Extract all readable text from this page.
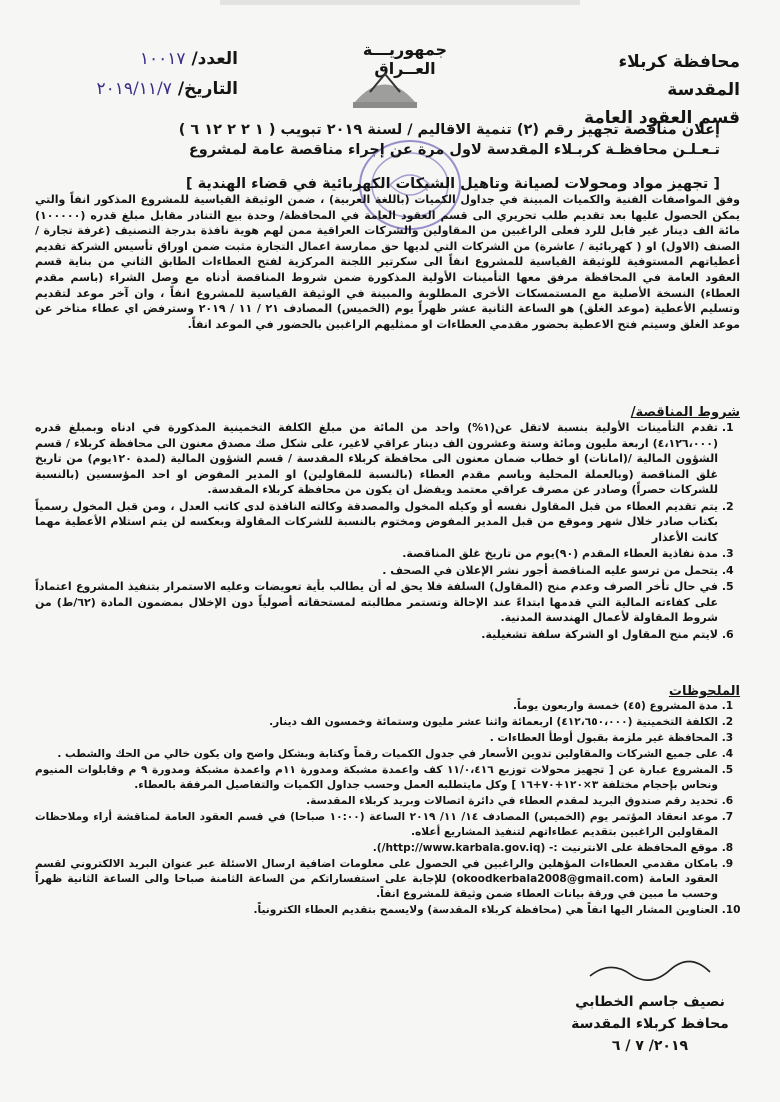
محافظة كربلاء المقدسة
قسم العقود العامة
جمهوريـــة العــراق
العدد/ ١٠٠١٧
التاريخ/ ٢٠١٩/١١/٧
إعلان مناقصة تجهيز رقم (٢) تنمية الاقاليم / لسنة ٢٠١٩ تبويب ( ١ ٢ ٢ ١٢ ٦ )
تـعـلـن محافظـة كربـلاء المقدسة لاول مرة عن إجراء مناقصة عامة لمشروع
[ تجهيز مواد ومحولات لصيانة وتاهيل الشبكات الكهربائية في قضاء الهندية ]
وفق المواصفات الفنية والكميات المبينة في جداول الكميات (باللغة العربية) ، ضمن الوثيقة القياسية للمشروع المذكور انفاً والتي يمكن الحصول عليها بعد تقديم طلب تحريري الى قسم العقود العامة في المحافظة/ وحدة بيع التنادر مقابل مبلغ قدره (١٠٠٠٠٠) مائة الف دينار غير قابل للرد فعلى الراغبين من المقاولين والشركات العراقية ممن لهم هوية نافذة بدرجة التصنيف (غرفة تجارة / الصنف (الاول) او ( كهربائية / عاشرة) من الشركات التي لديها حق ممارسة اعمال التجارة مثبت ضمن اوراق تأسيس الشركة تقديم أعطياتهم المستوفية للوثيقة القياسية للمشروع انفاً الى سكرتير اللجنة المركزية لفتح العطاءات الطابق الثاني من بناية قسم العقود العامة في المحافظة مرفق معها التأمينات الأولية المذكورة ضمن شروط المناقصة أدناه مع وصل الشراء (باسم مقدم العطاء) النسخة الأصلية مع المستمسكات الأخرى المطلوبة والمبينة في الوثيقة القياسية للمشروع انفاً ، وان آخر موعد لتقديم وتسليم الأعطية (موعد الغلق) هو الساعة الثانية عشر ظهراً يوم (الخميس) المصادف ٢١ / ١١ / ٢٠١٩ وسترفض اي عطاء متاخر عن موعد الغلق وسيتم فتح الاعطية بحضور مقدمي العطاءات او ممثليهم الراغبين بالحضور في الموعد انفاً.
شروط المناقصة/
1. تقدم التأمينات الأولية بنسبة لاتقل عن(١%) واحد من المائة من مبلغ الكلفة التخمينية المذكورة في ادناه وبمبلغ قدره (٤،١٢٦،٠٠٠) اربعة مليون ومائة وستة وعشرون الف دينار عراقي لاغير، على شكل صك مصدق معنون الى محافظة كربلاء / قسم الشؤون المالية /(امانات) او خطاب ضمان معنون الى محافظة كربلاء المقدسة / قسم الشؤون المالية (لمدة ١٢٠يوم) من تاريخ غلق المناقصة (وبالعملة المحلية وباسم مقدم العطاء (بالنسبة للمقاولين) او المدير المفوض او احد المؤسسين (بالنسبة للشركات حصراً) وصادر عن مصرف عراقي معتمد ويفضل ان يكون من محافظة كربلاء المقدسة.
2. يتم تقديم العطاء من قبل المقاول نفسه أو وكيله المخول والمصدقة وكالته النافذة لدى كاتب العدل ، ومن قبل المخول رسمياً بكتاب صادر خلال شهر وموقع من قبل المدير المفوض ومختوم بالنسبة للشركات المقاولة وبعكسه لن يتم استلام الأعطية مهما كانت الأعذار
3. مدة نفاذية العطاء المقدم (٩٠)يوم من تاريخ غلق المناقصة.
4. يتحمل من ترسو عليه المناقصة أجور نشر الإعلان في الصحف .
5. في حال تأخر الصرف وعدم منح (المقاول) السلفة فلا يحق له أن يطالب بأية تعويضات وعليه الاستمرار بتنفيذ المشروع اعتماداً على كفاءته المالية التي قدمها ابتداءً عند الإحالة وتستمر مطالبته لمستحقاته أصولياً دون الإخلال بمضمون المادة (٦٢/ط) من شروط المقاولة لأعمال الهندسة المدنية.
6. لايتم منح المقاول او الشركة سلفة تشغيلية.
الملحوظات
1. مدة المشروع (٤٥) خمسة واربعون يوماً.
2. الكلفة التخمينية (٤١٢،٦٥٠،٠٠٠) اربعمائة واثنا عشر مليون وستمائة وخمسون الف دينار.
3. المحافظة غير ملزمة بقبول أوطأ العطاءات .
4. على جميع الشركات والمقاولين تدوين الأسعار في جدول الكميات رقماً وكتابة وبشكل واضح وان يكون خالي من الحك والشطب .
5. المشروع عبارة عن [ تجهيز محولات توزيع ١١/٠،٤١٦ كف واعمدة مشبكة ومدورة ١١م واعمدة مشبكة ومدورة ٩ م وقابلوات المنيوم ونحاس بإحجام مختلفة ٣×١٢٠+٧٠+١٦ ] وكل مايتطلبه العمل وحسب جداول الكميات والتفاصيل المرفقة بالعطاء.
6. تحديد رقم صندوق البريد لمقدم العطاء في دائرة اتصالات وبريد كربلاء المقدسة.
7. موعد انعقاد المؤتمر يوم (الخميس) المصادف ١٤/ ١١/ ٢٠١٩ الساعة (١٠:٠٠ صباحا) في قسم العقود العامة لمناقشة أراء وملاحظات المقاولين الراغبين بتقديم عطاءاتهم لتنفيذ المشاريع أعلاه.
8. موقع المحافظة على الانترنيت :- (http://www.karbala.gov.iq/).
9. بامكان مقدمي العطاءات المؤهلين والراغبين في الحصول على معلومات اضافية ارسال الاسئلة عبر عنوان البريد الالكتروني لقسم العقود العامة (okoodkerbala2008@gmail.com) للإجابة على استفساراتكم من الساعة الثامنة صباحا والى الساعة الثانية ظهراً وحسب ما مبين في ورقة بيانات العطاء ضمن وثيقة للمشروع انفاً.
10. العناوين المشار اليها انفاً هي (محافظة كربلاء المقدسة) ولايسمح بتقديم العطاء الكترونياً.
نصيف جاسم الخطابي
محافظ كربلاء المقدسة
٢٠١٩/ ٧ / ٦
